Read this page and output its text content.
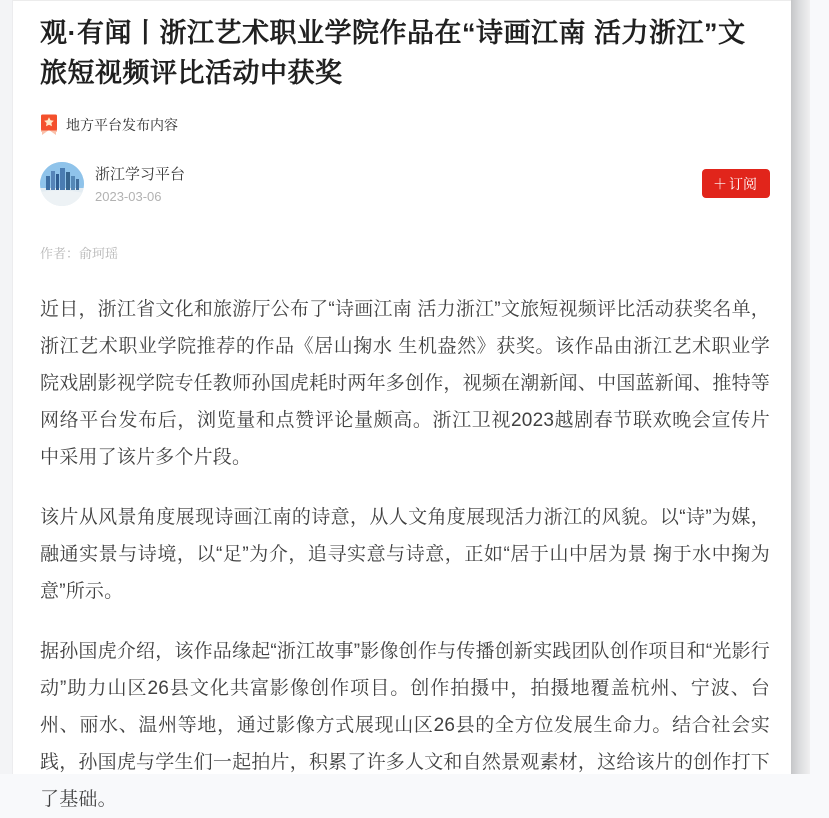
观·有闻丨浙江艺术职业学院作品在“诗画江南 活力浙江”文旅短视频评比活动中获奖
地方平台发布内容
浙江学习平台
2023-03-06
＋ 订阅
作者：俞珂瑶

近日，浙江省文化和旅游厅公布了“诗画江南 活力浙江”文旅短视频评比活动获奖名单，浙江艺术职业学院推荐的作品《居山掬水 生机盎然》获奖。该作品由浙江艺术职业学院戏剧影视学院专任教师孙国虎耗时两年多创作，视频在潮新闻、中国蓝新闻、推特等网络平台发布后，浏览量和点赞评论量颇高。浙江卫视2023越剧春节联欢晚会宣传片中采用了该片多个片段。

该片从风景角度展现诗画江南的诗意，从人文角度展现活力浙江的风貌。以“诗”为媒，融通实景与诗境，以“足”为介，追寻实意与诗意，正如“居于山中居为景 掬于水中掬为意”所示。

据孙国虎介绍，该作品缘起“浙江故事”影像创作与传播创新实践团队创作项目和“光影行动”助力山区26县文化共富影像创作项目。创作拍摄中，拍摄地覆盖杭州、宁波、台州、丽水、温州等地，通过影像方式展现山区26县的全方位发展生命力。结合社会实践，孙国虎与学生们一起拍片，积累了许多人文和自然景观素材，这给该片的创作打下了基础。
